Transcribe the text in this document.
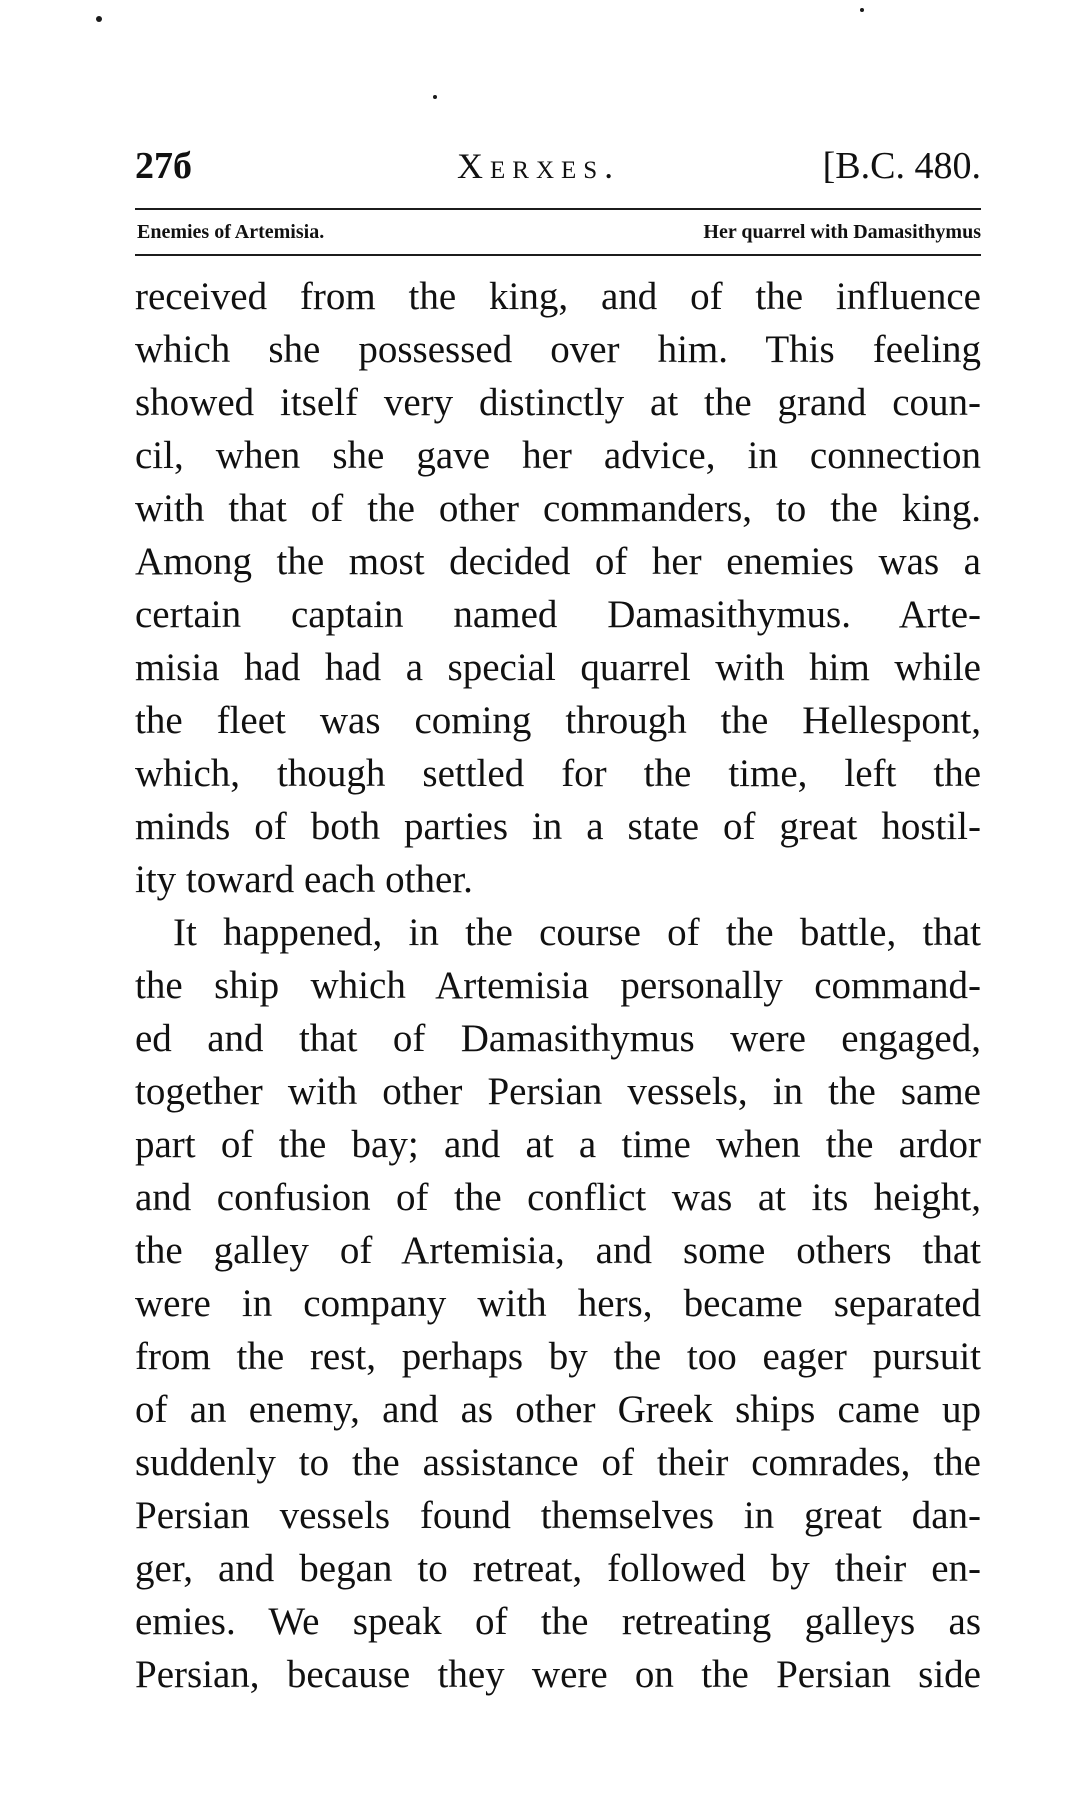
27б	Xerxes.	[B.C. 480.
Enemies of Artemisia.	Her quarrel with Damasithymus
received from the king, and of the influence
which she possessed over him. This feeling
showed itself very distinctly at the grand coun-
cil, when she gave her advice, in connection
with that of the other commanders, to the king.
Among the most decided of her enemies was a
certain captain named Damasithymus. Arte-
misia had had a special quarrel with him while
the fleet was coming through the Hellespont,
which, though settled for the time, left the
minds of both parties in a state of great hostil-
ity toward each other.
It happened, in the course of the battle, that
the ship which Artemisia personally command-
ed and that of Damasithymus were engaged,
together with other Persian vessels, in the same
part of the bay; and at a time when the ardor
and confusion of the conflict was at its height,
the galley of Artemisia, and some others that
were in company with hers, became separated
from the rest, perhaps by the too eager pursuit
of an enemy, and as other Greek ships came up
suddenly to the assistance of their comrades, the
Persian vessels found themselves in great dan-
ger, and began to retreat, followed by their en-
emies. We speak of the retreating galleys as
Persian, because they were on the Persian side
